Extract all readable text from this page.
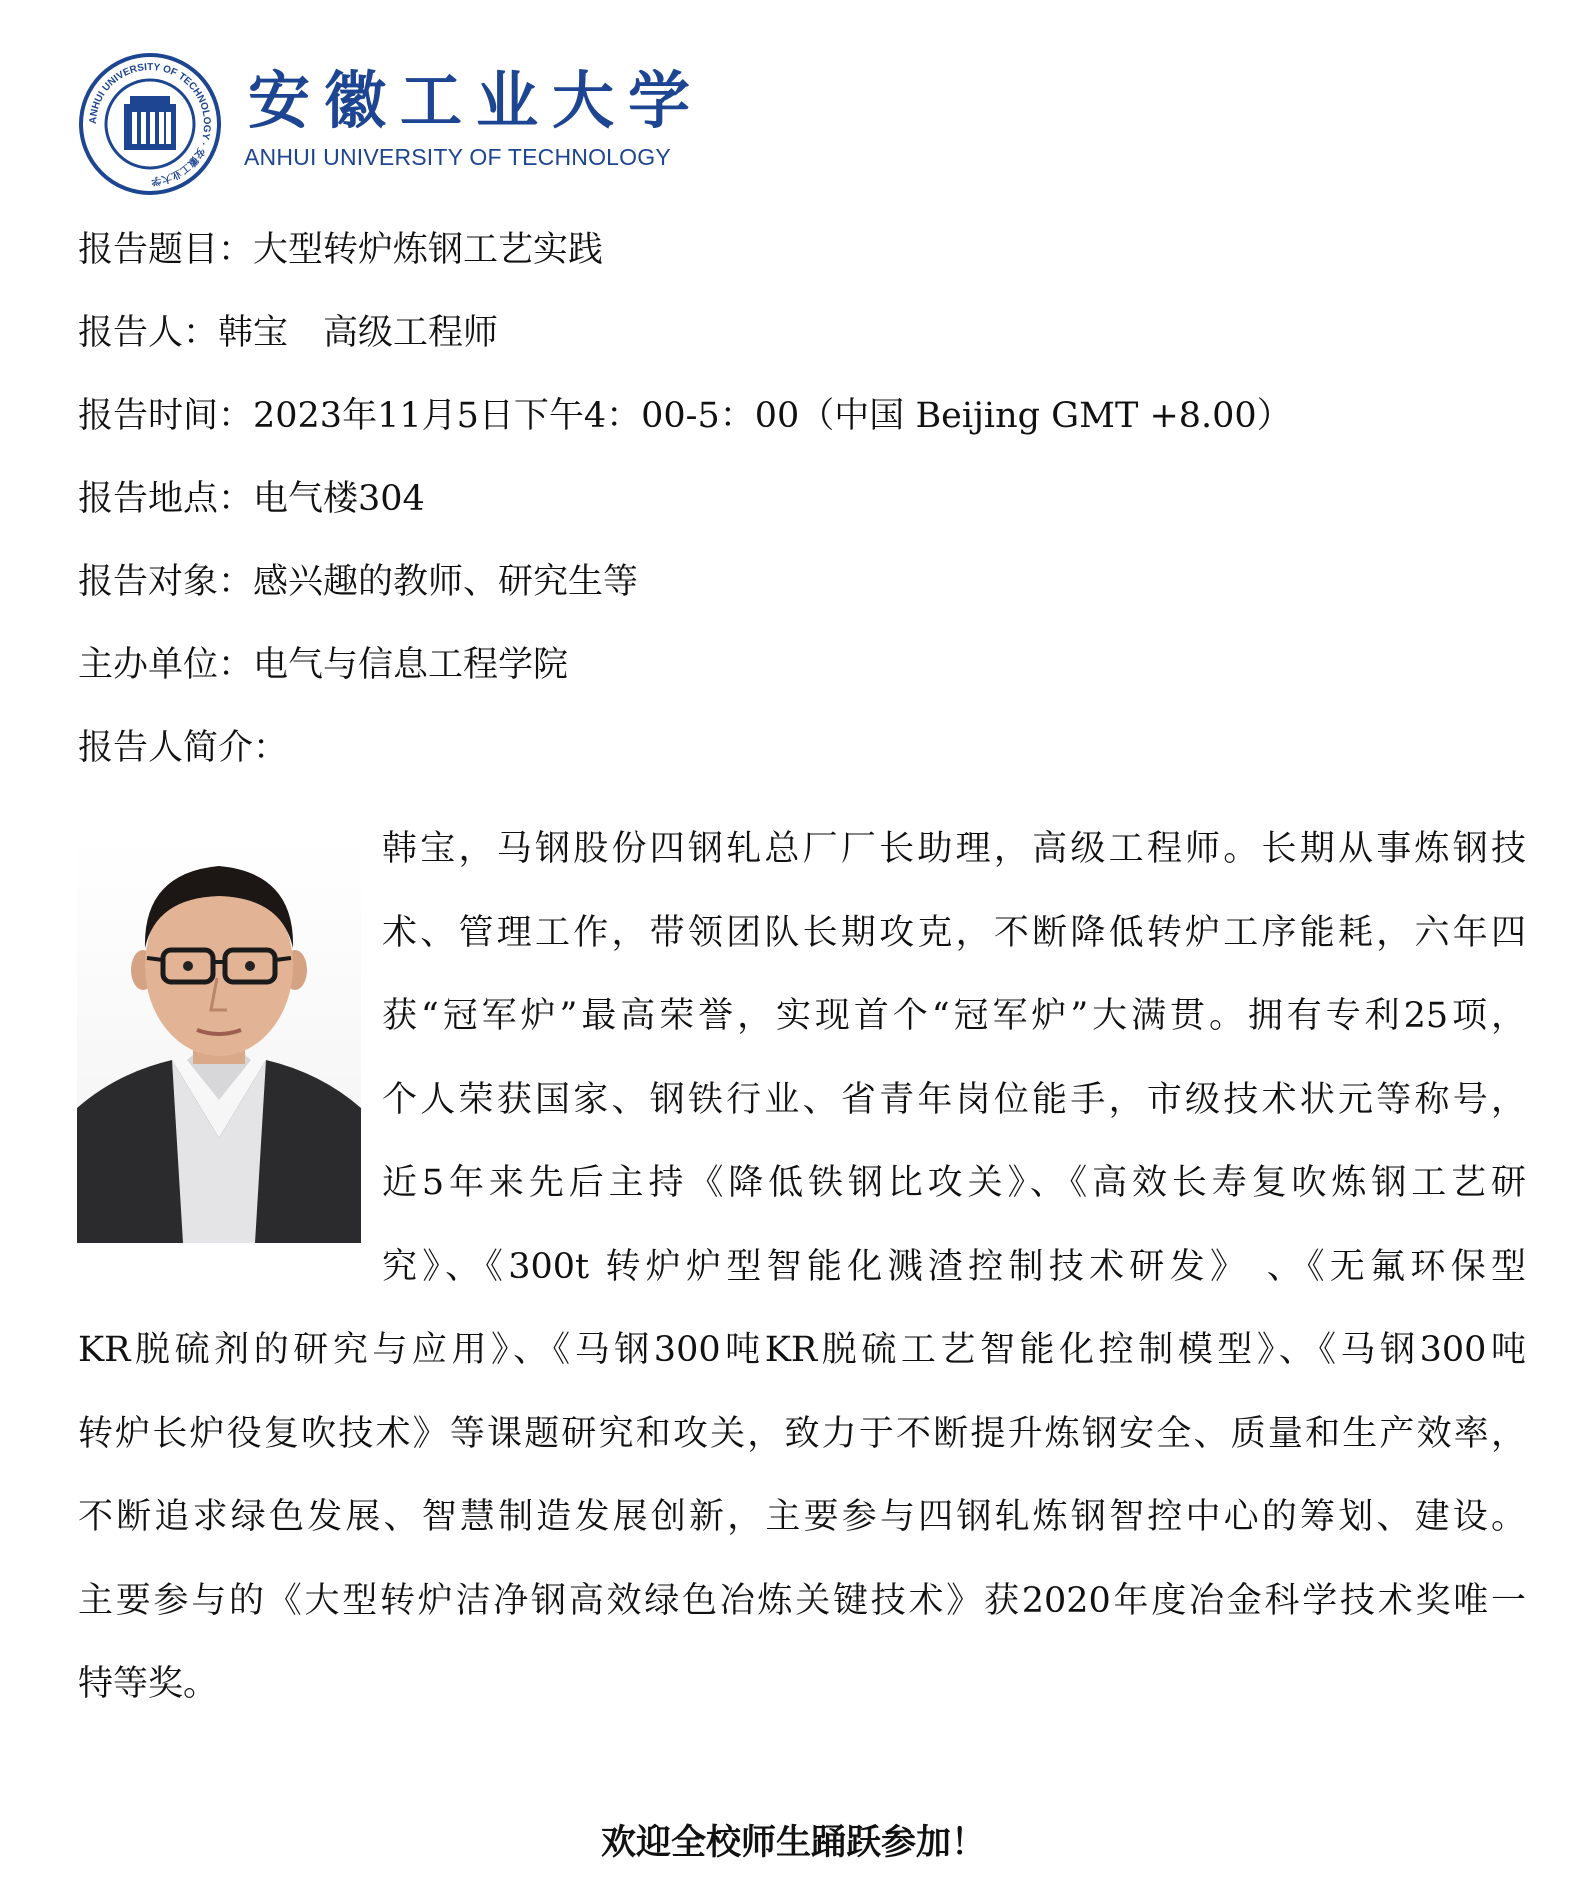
ANHUI UNIVERSITY OF TECHNOLOGY · 安徽工业大学
安徽工业大学
ANHUI UNIVERSITY OF TECHNOLOGY
报告题目：大型转炉炼钢工艺实践
报告人：韩宝　高级工程师
报告时间：2023年11月5日下午4：00-5：00（中国 Beijing GMT +8.00）
报告地点：电气楼304
报告对象：感兴趣的教师、研究生等
主办单位：电气与信息工程学院
报告人简介：
韩宝，马钢股份四钢轧总厂厂长助理，高级工程师。长期从事炼钢技
术、管理工作，带领团队长期攻克，不断降低转炉工序能耗，六年四
获“冠军炉”最高荣誉，实现首个“冠军炉”大满贯。拥有专利25项，
个人荣获国家、钢铁行业、省青年岗位能手，市级技术状元等称号，
近5年来先后主持《降低铁钢比攻关》、《高效长寿复吹炼钢工艺研
究》、《300t 转炉炉型智能化溅渣控制技术研发》 、《无氟环保型
KR脱硫剂的研究与应用》、《马钢300吨KR脱硫工艺智能化控制模型》、《马钢300吨
转炉长炉役复吹技术》等课题研究和攻关，致力于不断提升炼钢安全、质量和生产效率，
不断追求绿色发展、智慧制造发展创新，主要参与四钢轧炼钢智控中心的筹划、建设。
主要参与的《大型转炉洁净钢高效绿色冶炼关键技术》获2020年度冶金科学技术奖唯一
特等奖。
欢迎全校师生踊跃参加！
